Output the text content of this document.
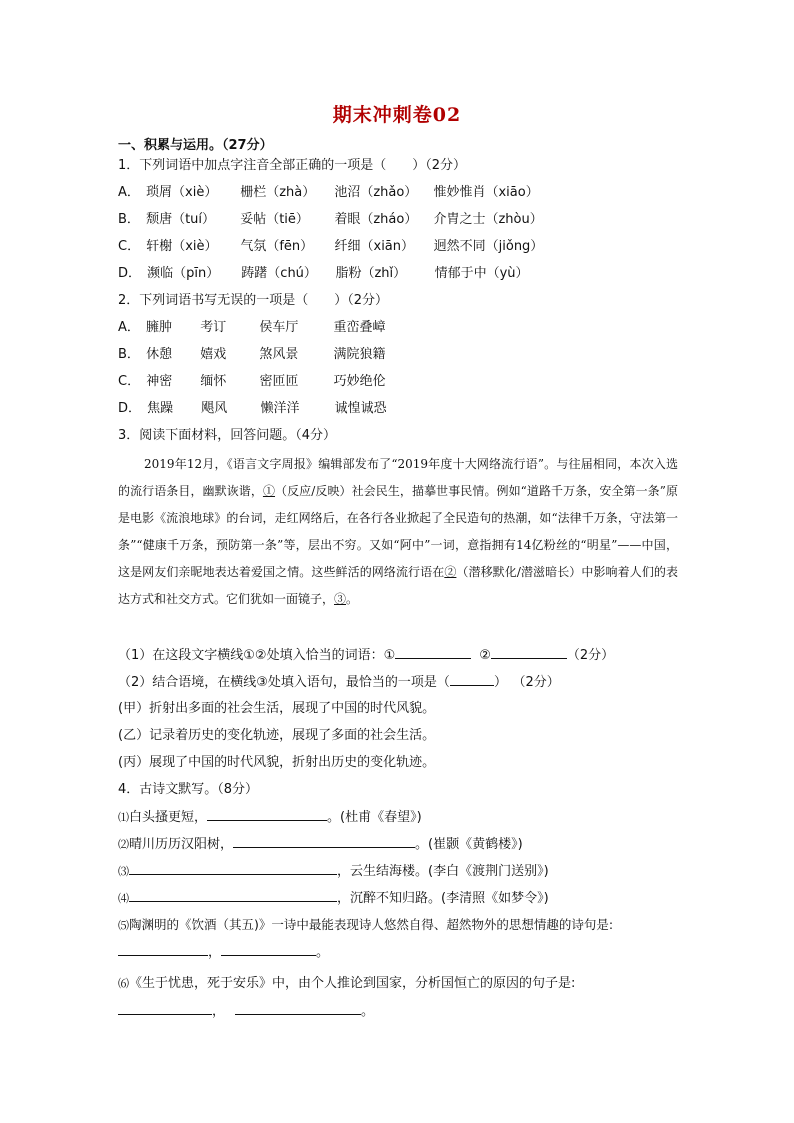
期末冲刺卷02
一、积累与运用。（27分）
1．下列词语中加点字注音全部正确的一项是（　　）（2分）
A． 琐屑（xiè） 栅栏（zhà） 池沼（zhǎo） 惟妙惟肖（xiāo）
B． 颓唐（tuí） 妥帖（tiē） 着眼（zháo） 介胄之士（zhòu）
C． 轩榭（xiè） 气氛（fēn） 纤细（xiān） 迥然不同（jiǒng）
D． 濒临（pīn） 踌躇（chú） 脂粉（zhǐ） 情郁于中（yù）
2．下列词语书写无误的一项是（　　）（2分）
A． 臃肿 考订	侯车厅	重峦叠嶂
B． 休憩 嬉戏	煞风景	满院狼籍
C． 神密 缅怀	密匝匝	巧妙绝伦
D． 焦躁 飓风	懒洋洋	诚惶诚恐
3．阅读下面材料，回答问题。（4分）
2019年12月，《语言文字周报》编辑部发布了“2019年度十大网络流行语”。与往届相同，本次入选的流行语条目，幽默诙谐，①（反应/反映）社会民生，描摹世事民情。例如“道路千万条，安全第一条”原是电影《流浪地球》的台词，走红网络后，在各行各业掀起了全民造句的热潮，如“法律千万条，守法第一条”“健康千万条，预防第一条”等，层出不穷。又如“阿中”一词，意指拥有14亿粉丝的“明星”——中国，这是网友们亲昵地表达着爱国之情。这些鲜活的网络流行语在②（潜移默化/潜滋暗长）中影响着人们的表达方式和社交方式。它们犹如一面镜子，③。
（1）在这段文字横线①②处填入恰当的词语：①	②	（2分）
（2）结合语境，在横线③处填入语句，最恰当的一项是（	） （2分）
(甲）折射出多面的社会生活，展现了中国的时代风貌。
(乙）记录着历史的变化轨迹，展现了多面的社会生活。
(丙）展现了中国的时代风貌，折射出历史的变化轨迹。
4．古诗文默写。（8分）
⑴白头搔更短，	。(杜甫《春望》)
⑵晴川历历汉阳树，	。(崔颢《黄鹤楼》)
⑶	，云生结海楼。(李白《渡荆门送别》)
⑷	，沉醉不知归路。(李清照《如梦令》)
⑸陶渊明的《饮酒（其五)》一诗中最能表现诗人悠然自得、超然物外的思想情趣的诗句是:
，	。
⑹《生于忧患，死于安乐》中，由个人推论到国家，分析国恒亡的原因的句子是:
，	。
